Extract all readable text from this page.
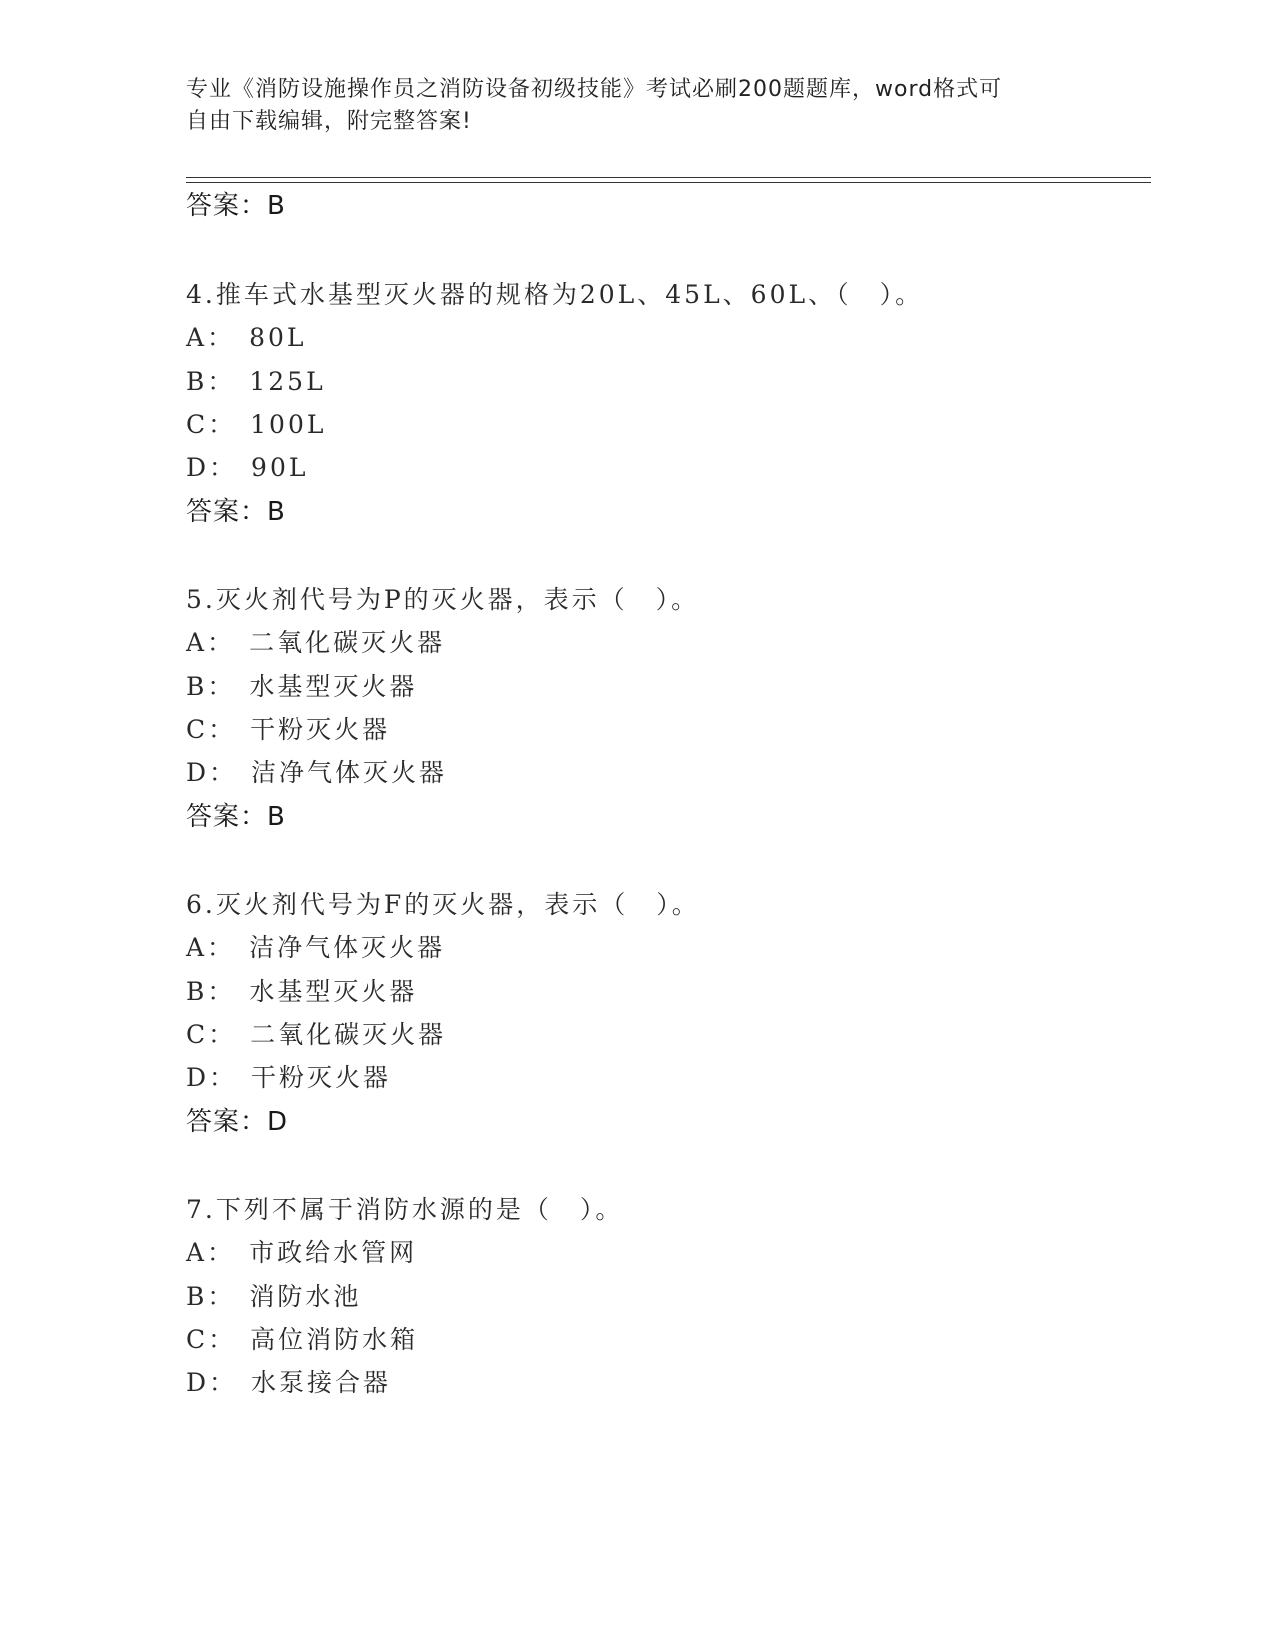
专业《消防设施操作员之消防设备初级技能》考试必刷200题题库，word格式可
自由下载编辑，附完整答案!
答案：B
4.推车式水基型灭火器的规格为20L、45L、60L、（　）。
A： 80L
B： 125L
C： 100L
D： 90L
答案：B
5.灭火剂代号为P的灭火器，表示（　）。
A： 二氧化碳灭火器
B： 水基型灭火器
C： 干粉灭火器
D： 洁净气体灭火器
答案：B
6.灭火剂代号为F的灭火器，表示（　）。
A： 洁净气体灭火器
B： 水基型灭火器
C： 二氧化碳灭火器
D： 干粉灭火器
答案：D
7.下列不属于消防水源的是（　）。
A： 市政给水管网
B： 消防水池
C： 高位消防水箱
D： 水泵接合器
